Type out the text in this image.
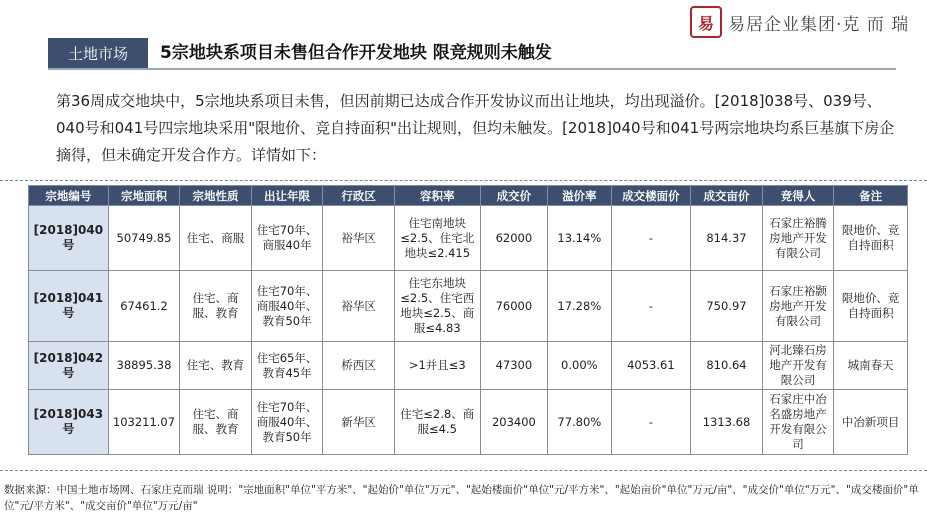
易 易居企业集团·克 而 瑞
土地市场	5宗地块系项目未售但合作开发地块 限竞规则未触发

第36周成交地块中，5宗地块系项目未售，但因前期已达成合作开发协议而出让地块，均出现溢价。[2018]038号、039号、040号和041号四宗地块采用"限地价、竞自持面积"出让规则，但均未触发。[2018]040号和041号两宗地块均系巨基旗下房企摘得，但未确定开发合作方。详情如下：

宗地编号	宗地面积	宗地性质	出让年限	行政区	容积率	成交价	溢价率	成交楼面价	成交亩价	竞得人	备注
[2018]040号	50749.85	住宅、商服	住宅70年、商服40年	裕华区	住宅南地块≤2.5、住宅北地块≤2.415	62000	13.14%	-	814.37	石家庄裕腾房地产开发有限公司	限地价、竞自持面积
[2018]041号	67461.2	住宅、商服、教育	住宅70年、商服40年、教育50年	裕华区	住宅东地块≤2.5、住宅西地块≤2.5、商服≤4.83	76000	17.28%	-	750.97	石家庄裕颢房地产开发有限公司	限地价、竞自持面积
[2018]042号	38895.38	住宅、教育	住宅65年、教育45年	桥西区	>1并且≤3	47300	0.00%	4053.61	810.64	河北臻石房地产开发有限公司	城南春天
[2018]043号	103211.07	住宅、商服、教育	住宅70年、商服40年、教育50年	新华区	住宅≤2.8、商服≤4.5	203400	77.80%	-	1313.68	石家庄中冶名盛房地产开发有限公司	中冶新项目

数据来源：中国土地市场网、石家庄克而瑞 说明："宗地面积"单位"平方米"、"起始价"单位"万元"、"起始楼面价"单位"元/平方米"、"起始亩价"单位"万元/亩"、"成交价"单位"万元"、"成交楼面价"单位"元/平方米"、"成交亩价"单位"万元/亩"
